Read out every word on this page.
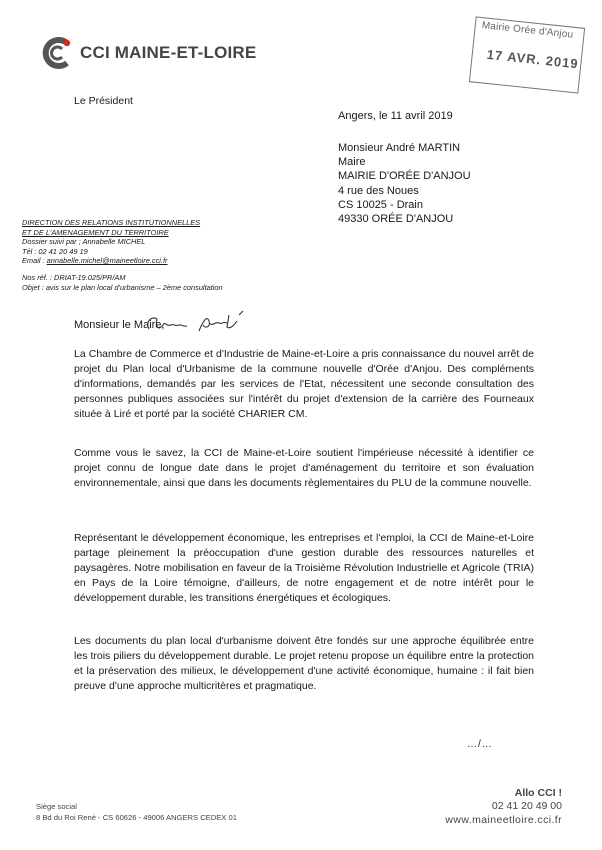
CCI MAINE-ET-LOIRE
Le Président
Mairie Orée d'Anjou
17 AVR. 2019
Angers, le 11 avril 2019
Monsieur André MARTIN
Maire
MAIRIE D'ORÉE D'ANJOU
4 rue des Noues
CS 10025 - Drain
49330 ORÉE D'ANJOU
DIRECTION DES RELATIONS INSTITUTIONNELLES
ET DE L'AMENAGEMENT DU TERRITOIRE
Dossier suivi par ; Annabelle MICHEL
Tél : 02 41 20 49 19
Email : annabelle.michel@maineetloire.cci.fr
Nos réf. : DRIAT-19.025/PR/AM
Objet : avis sur le plan local d'urbanisme – 2ème consultation
Monsieur le Maire,
La Chambre de Commerce et d'Industrie de Maine-et-Loire a pris connaissance du nouvel arrêt de projet du Plan local d'Urbanisme de la commune nouvelle d'Orée d'Anjou. Des compléments d'informations, demandés par les services de l'Etat, nécessitent une seconde consultation des personnes publiques associées sur l'intérêt du projet d'extension de la carrière des Fourneaux située à Liré et porté par la société CHARIER CM.
Comme vous le savez, la CCI de Maine-et-Loire soutient l'impérieuse nécessité à identifier ce projet connu de longue date dans le projet d'aménagement du territoire et son évaluation environnementale, ainsi que dans les documents règlementaires du PLU de la commune nouvelle.
Représentant le développement économique, les entreprises et l'emploi, la CCI de Maine-et-Loire partage pleinement la préoccupation d'une gestion durable des ressources naturelles et paysagères. Notre mobilisation en faveur de la Troisième Révolution Industrielle et Agricole (TRIA) en Pays de la Loire témoigne, d'ailleurs, de notre engagement et de notre intérêt pour le développement durable, les transitions énergétiques et écologiques.
Les documents du plan local d'urbanisme doivent être fondés sur une approche équilibrée entre les trois piliers du développement durable. Le projet retenu propose un équilibre entre la protection et la préservation des milieux, le développement d'une activité économique, humaine : il fait bien preuve d'une approche multicritères et pragmatique.
…/…
Siège social
8 Bd du Roi René - CS 60626 - 49006 ANGERS CEDEX 01
Allo CCI !
02 41 20 49 00
www.maineetloire.cci.fr
